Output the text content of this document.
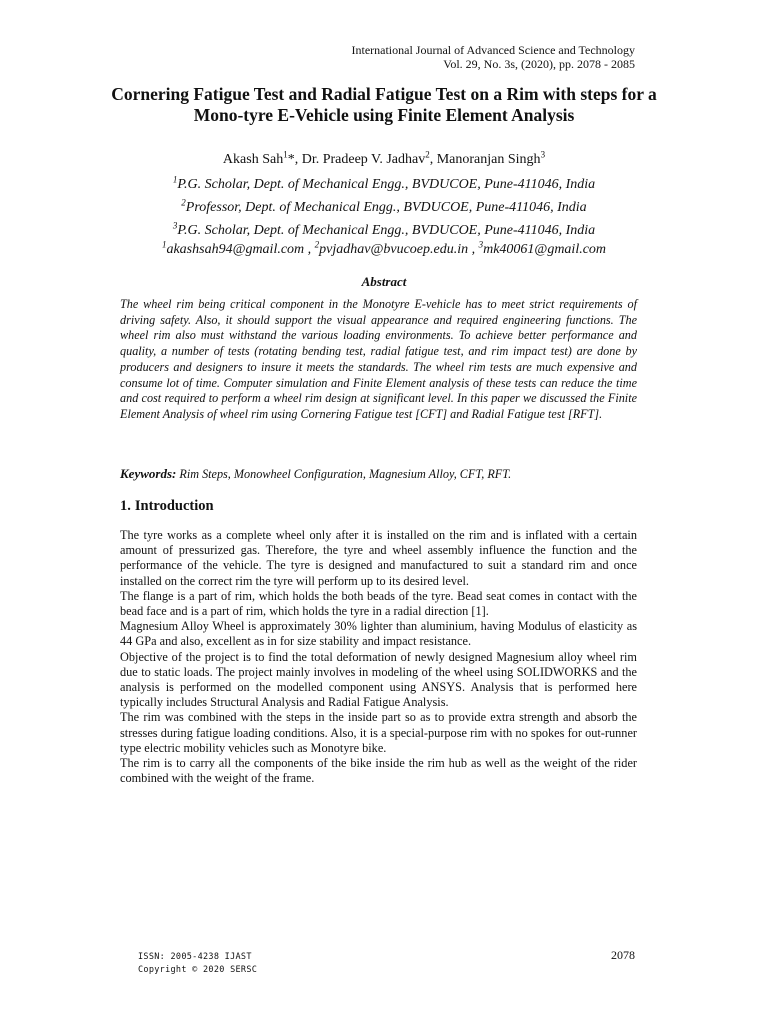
International Journal of Advanced Science and Technology
Vol. 29, No. 3s, (2020), pp. 2078 - 2085
Cornering Fatigue Test and Radial Fatigue Test on a Rim with steps for a Mono-tyre E-Vehicle using Finite Element Analysis
Akash Sah$^1$*, Dr. Pradeep V. Jadhav$^2$, Manoranjan Singh$^3$
$^1$P.G. Scholar, Dept. of Mechanical Engg., BVDUCOE, Pune-411046, India
$^2$Professor, Dept. of Mechanical Engg., BVDUCOE, Pune-411046, India
$^3$P.G. Scholar, Dept. of Mechanical Engg., BVDUCOE, Pune-411046, India
$^1$akashsah94@gmail.com , $^2$pvjadhav@bvucoep.edu.in , $^3$mk40061@gmail.com
Abstract

The wheel rim being critical component in the Monotyre E-vehicle has to meet strict requirements of driving safety. Also, it should support the visual appearance and required engineering functions. The wheel rim also must withstand the various loading environments. To achieve better performance and quality, a number of tests (rotating bending test, radial fatigue test, and rim impact test) are done by producers and designers to insure it meets the standards. The wheel rim tests are much expensive and consume lot of time. Computer simulation and Finite Element analysis of these tests can reduce the time and cost required to perform a wheel rim design at significant level. In this paper we discussed the Finite Element Analysis of wheel rim using Cornering Fatigue test [CFT] and Radial Fatigue test [RFT].

Keywords: Rim Steps, Monowheel Configuration, Magnesium Alloy, CFT, RFT.

1. Introduction

The tyre works as a complete wheel only after it is installed on the rim and is inflated with a certain amount of pressurized gas. Therefore, the tyre and wheel assembly influence the function and the performance of the vehicle. The tyre is designed and manufactured to suit a standard rim and once installed on the correct rim the tyre will perform up to its desired level.

The flange is a part of rim, which holds the both beads of the tyre. Bead seat comes in contact with the bead face and is a part of rim, which holds the tyre in a radial direction [1].

Magnesium Alloy Wheel is approximately 30% lighter than aluminium, having Modulus of elasticity as 44 GPa and also, excellent as in for size stability and impact resistance.

Objective of the project is to find the total deformation of newly designed Magnesium alloy wheel rim due to static loads. The project mainly involves in modeling of the wheel using SOLIDWORKS and the analysis is performed on the modelled component using ANSYS. Analysis that is performed here typically includes Structural Analysis and Radial Fatigue Analysis.

The rim was combined with the steps in the inside part so as to provide extra strength and absorb the stresses during fatigue loading conditions. Also, it is a special-purpose rim with no spokes for out-runner type electric mobility vehicles such as Monotyre bike.

The rim is to carry all the components of the bike inside the rim hub as well as the weight of the rider combined with the weight of the frame.

ISSN: 2005-4238 IJAST
Copyright © 2020 SERSC
2078
